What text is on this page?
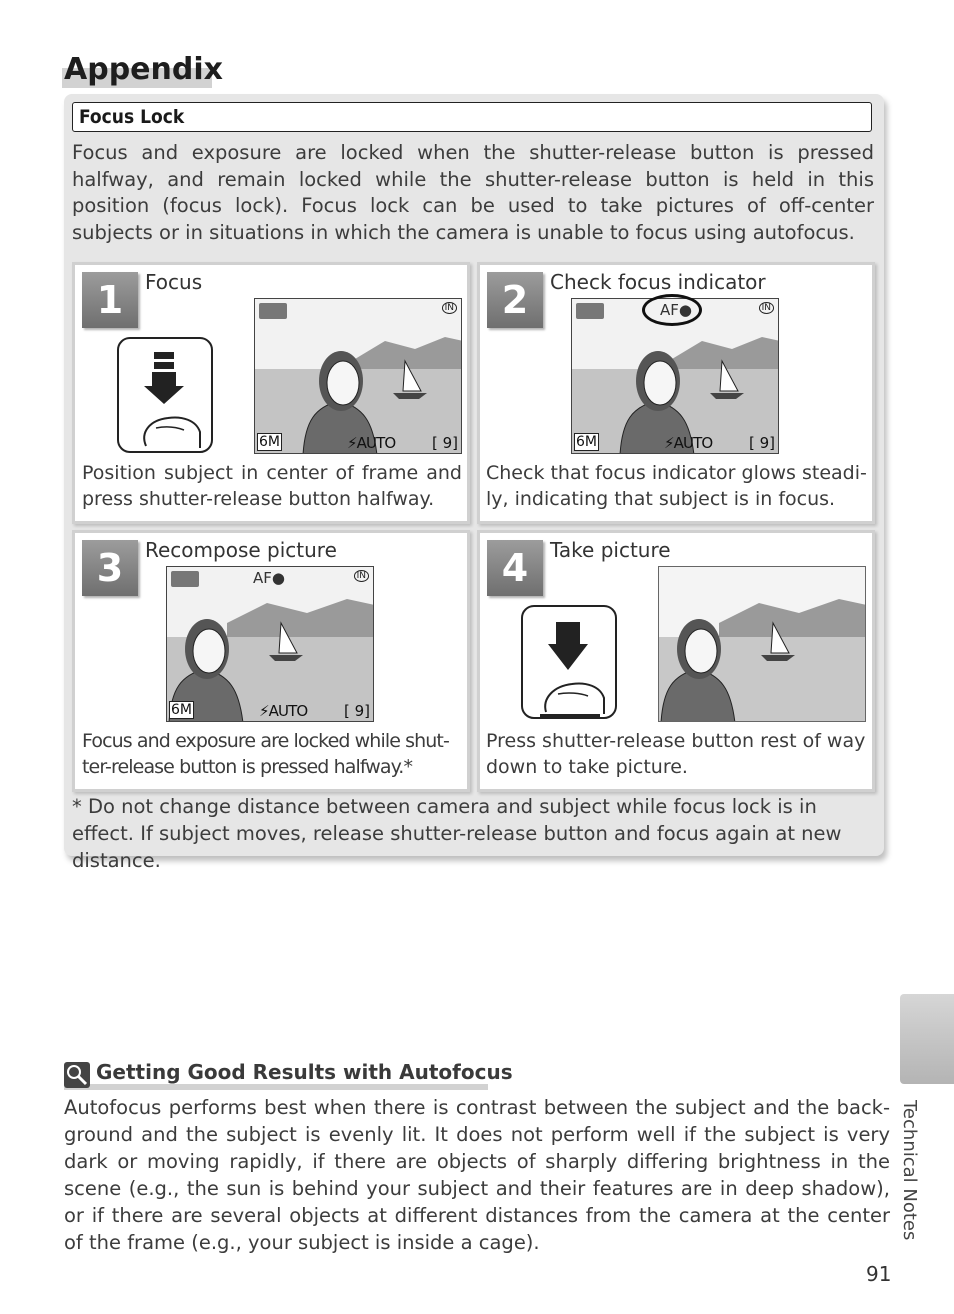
Appendix
Focus Lock
Focus and exposure are locked when the shutter-release button is pressed halfway, and remain locked while the shutter-release button is held in this position (focus lock). Focus lock can be used to take pictures of off-center subjects or in situations in which the camera is unable to focus using autofocus.
1	2
3	4
Focus	Check focus indicator
Recompose picture	Take picture
IN
6M	⚡AUTO [ 9]
AF●	IN
6M	⚡AUTO [ 9]
AF●	IN
6M	⚡AUTO [ 9]
Position subject in center of frame and press shutter-release button halfway.
Check that focus indicator glows steadi-ly, indicating that subject is in focus.
Focus and exposure are locked while shut-ter-release button is pressed halfway.*
Press shutter-release button rest of way down to take picture.
* Do not change distance between camera and subject while focus lock is in effect. If subject moves, release shutter-release button and focus again at new distance.
Technical Notes
Getting Good Results with Autofocus
Autofocus performs best when there is contrast between the subject and the back-ground and the subject is evenly lit. It does not perform well if the subject is very dark or moving rapidly, if there are objects of sharply differing brightness in the scene (e.g., the sun is behind your subject and their features are in deep shadow), or if there are several objects at different distances from the camera at the center of the frame (e.g., your subject is inside a cage).
91
